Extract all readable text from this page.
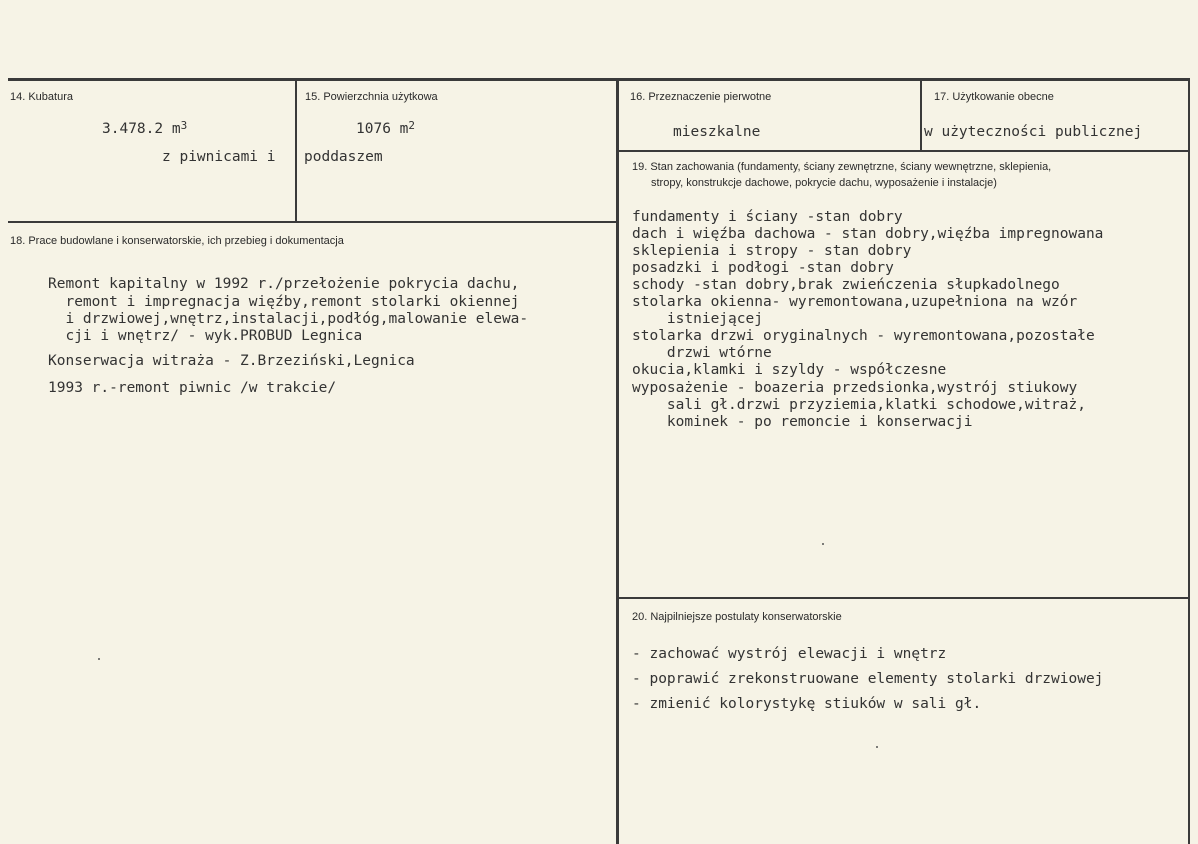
14. Kubatura
3.478.2 $m^3$
z piwnicami i
15. Powierzchnia użytkowa
1076 $m^2$
poddaszem
16. Przeznaczenie pierwotne
mieszkalne
17. Użytkowanie obecne
w użyteczności publicznej
18. Prace budowlane i konserwatorskie, ich przebieg i dokumentacja
Remont kapitalny w 1992 r./przełożenie pokrycia dachu,
remont i impregnacja więźby,remont stolarki okiennej
i drzwiowej,wnętrz,instalacji,podłóg,malowanie elewa-
cji i wnętrz/ - wyk.PROBUD Legnica
Konserwacja witraża - Z.Brzeziński,Legnica
1993 r.-remont piwnic /w trakcie/
19. Stan zachowania (fundamenty, ściany zewnętrzne, ściany wewnętrzne, sklepienia,
stropy, konstrukcje dachowe, pokrycie dachu, wyposażenie i instalacje)
fundamenty i ściany -stan dobry
dach i więźba dachowa - stan dobry,więźba impregnowana
sklepienia i stropy - stan dobry
posadzki i podłogi -stan dobry
schody -stan dobry,brak zwieńczenia słupkadolnego
stolarka okienna- wyremontowana,uzupełniona na wzór
istniejącej
stolarka drzwi oryginalnych - wyremontowana,pozostałe
drzwi wtórne
okucia,klamki i szyldy - współczesne
wyposażenie - boazeria przedsionka,wystrój stiukowy
sali gł.drzwi przyziemia,klatki schodowe,witraż,
kominek - po remoncie i konserwacji
20. Najpilniejsze postulaty konserwatorskie
- zachować wystrój elewacji i wnętrz
- poprawić zrekonstruowane elementy stolarki drzwiowej
- zmienić kolorystykę stiuków w sali gł.
